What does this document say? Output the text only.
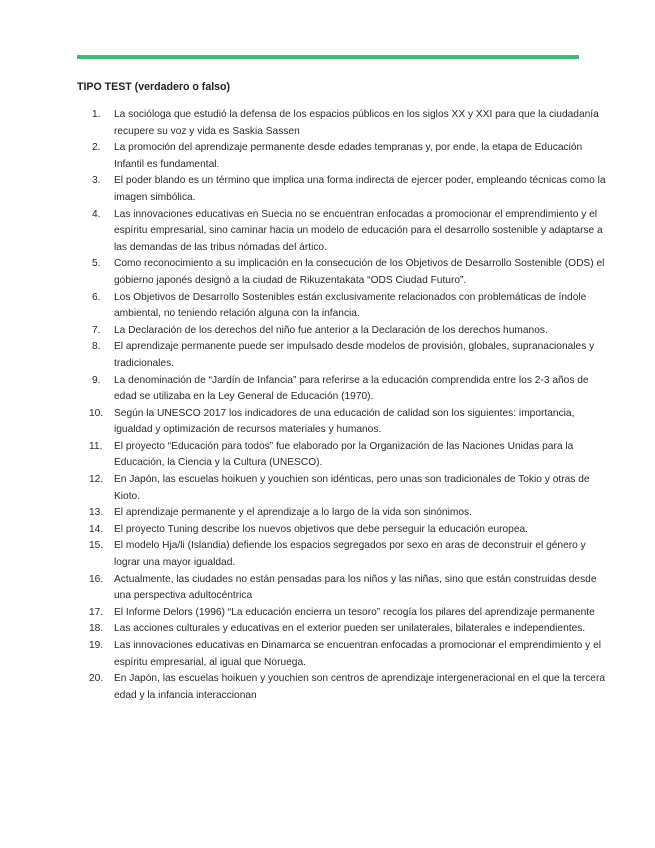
TIPO TEST (verdadero o falso)
1.	La socióloga que estudió la defensa de los espacios públicos en los siglos XX y XXI para que la ciudadanía recupere su voz y vida es Saskia Sassen
2.	La promoción del aprendizaje permanente desde edades tempranas y, por ende, la etapa de Educación Infantil es fundamental.
3.	El poder blando es un término que implica una forma indirecta de ejercer poder, empleando técnicas como la imagen simbólica.
4.	Las innovaciones educativas en Suecia no se encuentran enfocadas a promocionar el emprendimiento y el espíritu empresarial, sino caminar hacia un modelo de educación para el desarrollo sostenible y adaptarse a las demandas de las tribus nómadas del ártico.
5.	Como reconocimiento a su implicación en la consecución de los Objetivos de Desarrollo Sostenible (ODS) el gobierno japonés designó a la ciudad de Rikuzentakata “ODS Ciudad Futuro”.
6.	Los Objetivos de Desarrollo Sostenibles están exclusivamente relacionados con problemáticas de índole ambiental, no teniendo relación alguna con la infancia.
7.	La Declaración de los derechos del niño fue anterior a la Declaración de los derechos humanos.
8.	El aprendizaje permanente puede ser impulsado desde modelos de provisión, globales, supranacionales y tradicionales.
9.	La denominación de “Jardín de Infancia” para referirse a la educación comprendida entre los 2-3 años de edad se utilizaba en la Ley General de Educación (1970).
10.	Según la UNESCO 2017 los indicadores de una educación de calidad son los siguientes: importancia, igualdad y optimización de recursos materiales y humanos.
11.	El proyecto “Educación para todos” fue elaborado por la Organización de las Naciones Unidas para la Educación, la Ciencia y la Cultura (UNESCO).
12.	En Japón, las escuelas hoikuen y youchien son idénticas, pero unas son tradicionales de Tokio y otras de Kioto.
13.	El aprendizaje permanente y el aprendizaje a lo largo de la vida son sinónimos.
14.	El proyecto Tuning describe los nuevos objetivos que debe perseguir la educación europea.
15.	El modelo Hja/li (Islandia) defiende los espacios segregados por sexo en aras de deconstruir el género y lograr una mayor igualdad.
16.	Actualmente, las ciudades no están pensadas para los niños y las niñas, sino que están construidas desde una perspectiva adultocéntrica
17.	El Informe Delors (1996) “La educación encierra un tesoro” recogía los pilares del aprendizaje permanente
18.	Las acciones culturales y educativas en el exterior pueden ser unilaterales, bilaterales e independientes.
19.	Las innovaciones educativas en Dinamarca se encuentran enfocadas a promocionar el emprendimiento y el espíritu empresarial, al igual que Noruega.
20.	En Japón, las escuelas hoikuen y youchien son centros de aprendizaje intergeneracional en el que la tercera edad y la infancia interaccionan
